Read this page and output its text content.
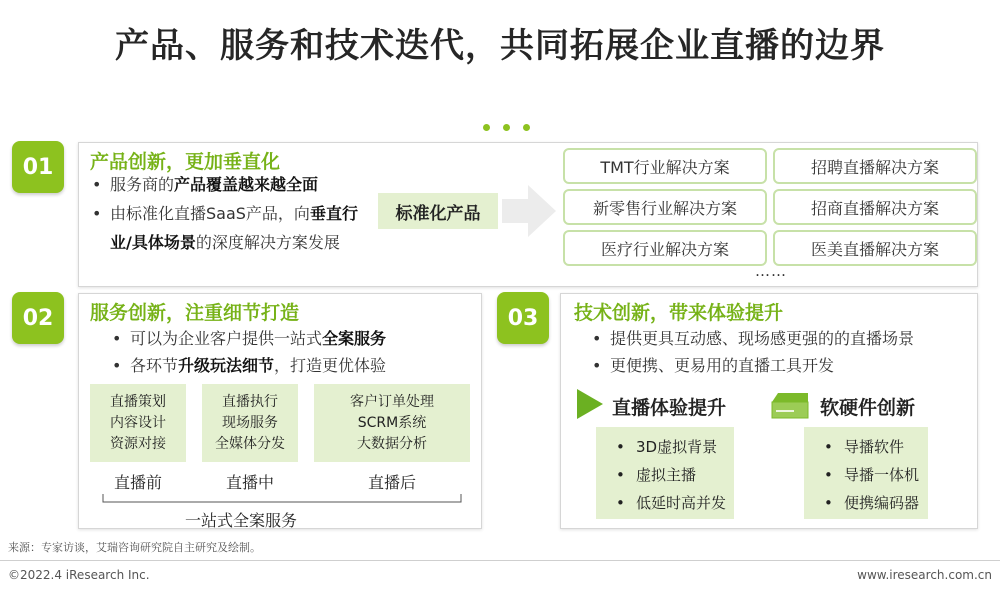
产品、服务和技术迭代，共同拓展企业直播的边界
01	产品创新，更加垂直化
• 服务商的产品覆盖越来越全面
• 由标准化直播SaaS产品，向垂直行业/具体场景的深度解决方案发展
标准化产品
TMT行业解决方案	招聘直播解决方案
新零售行业解决方案	招商直播解决方案
医疗行业解决方案	医美直播解决方案
……
02	服务创新，注重细节打造
• 可以为企业客户提供一站式全案服务
• 各环节升级玩法细节，打造更优体验
直播策划
内容设计
资源对接
直播执行
现场服务
全媒体分发
客户订单处理
SCRM系统
大数据分析
直播前	直播中	直播后
一站式全案服务
03	技术创新，带来体验提升
• 提供更具互动感、现场感更强的的直播场景
• 更便携、更易用的直播工具开发
直播体验提升	软硬件创新
• 3D虚拟背景
• 虚拟主播
• 低延时高并发
• 导播软件
• 导播一体机
• 便携编码器
来源：专家访谈，艾瑞咨询研究院自主研究及绘制。
©2022.4 iResearch Inc.	www.iresearch.com.cn
